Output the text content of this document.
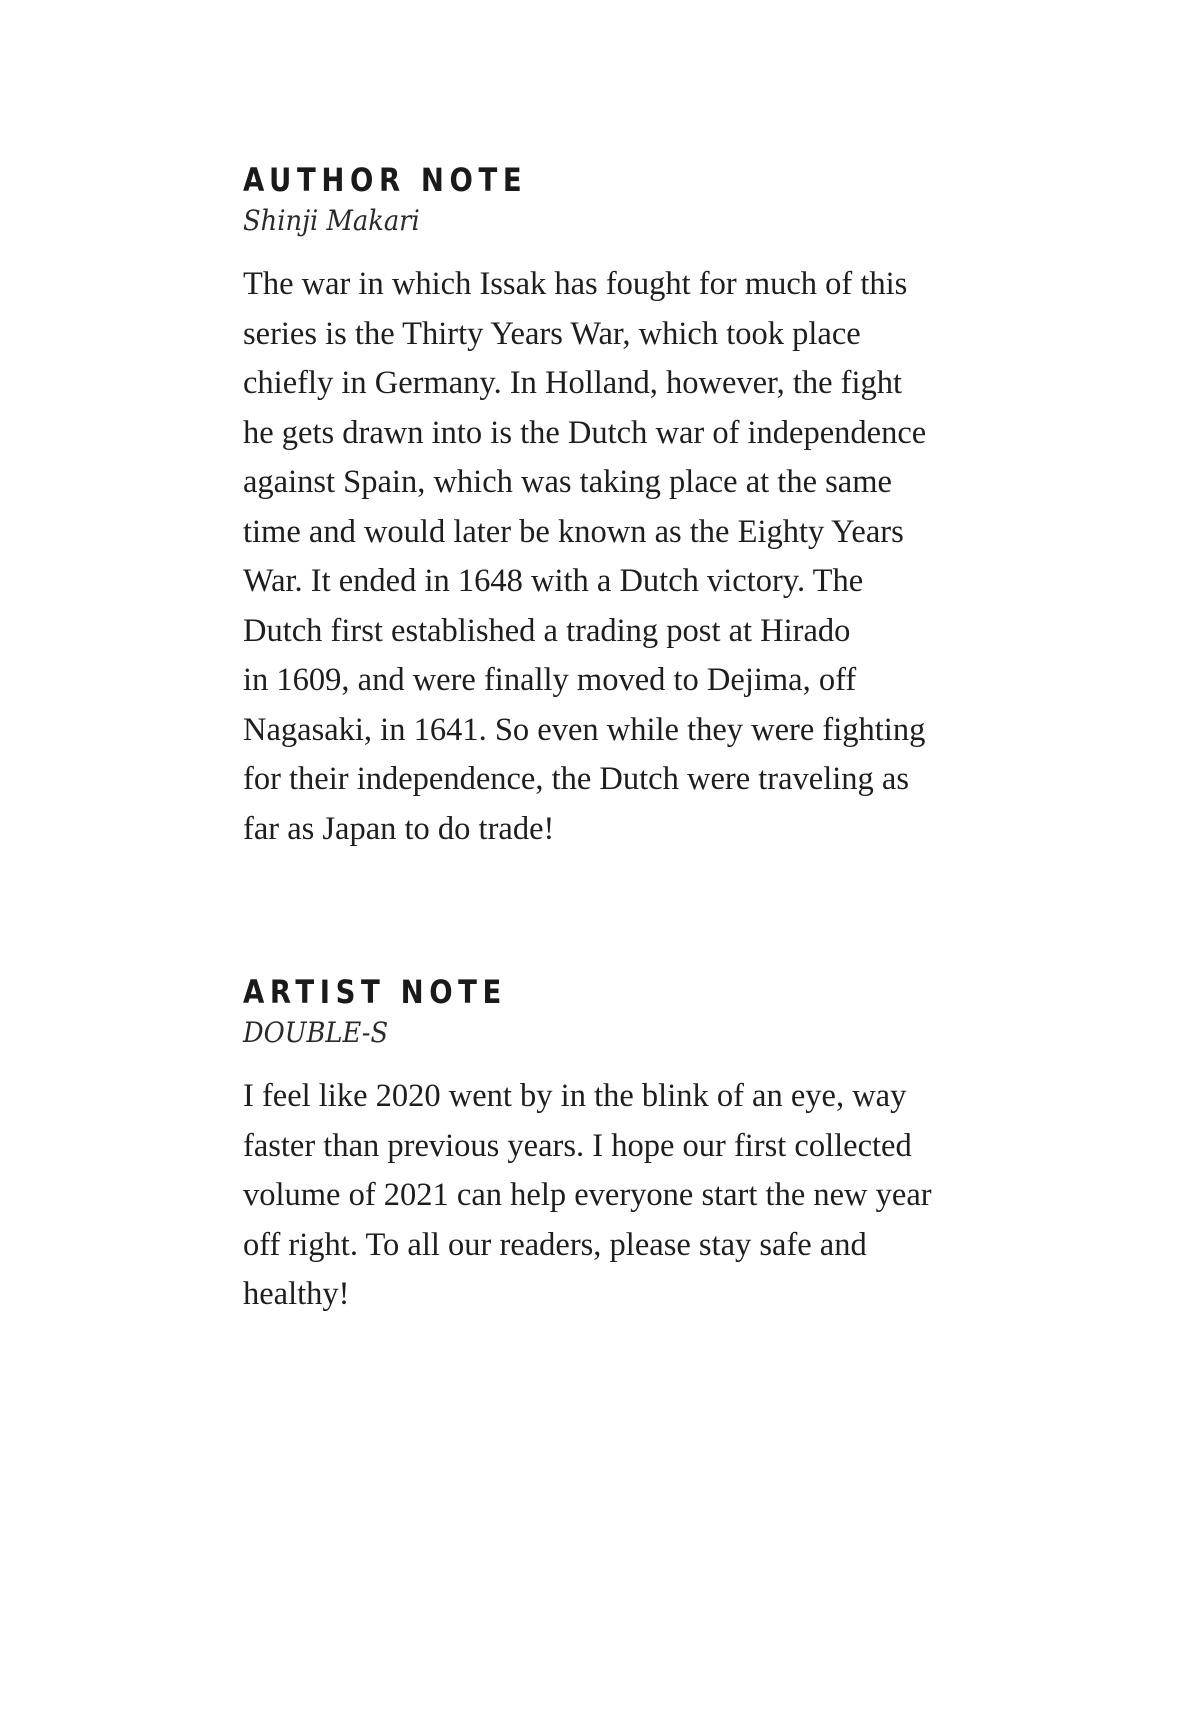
AUTHOR NOTE

Shinji Makari

The war in which Issak has fought for much of this
series is the Thirty Years War, which took place
chiefly in Germany. In Holland, however, the fight
he gets drawn into is the Dutch war of independence
against Spain, which was taking place at the same
time and would later be known as the Eighty Years
War. It ended in 1648 with a Dutch victory. The
Dutch first established a trading post at Hirado
in 1609, and were finally moved to Dejima, off
Nagasaki, in 1641. So even while they were fighting
for their independence, the Dutch were traveling as
far as Japan to do trade!

ARTIST NOTE

DOUBLE-S

I feel like 2020 went by in the blink of an eye, way
faster than previous years. I hope our first collected
volume of 2021 can help everyone start the new year
off right. To all our readers, please stay safe and
healthy!
